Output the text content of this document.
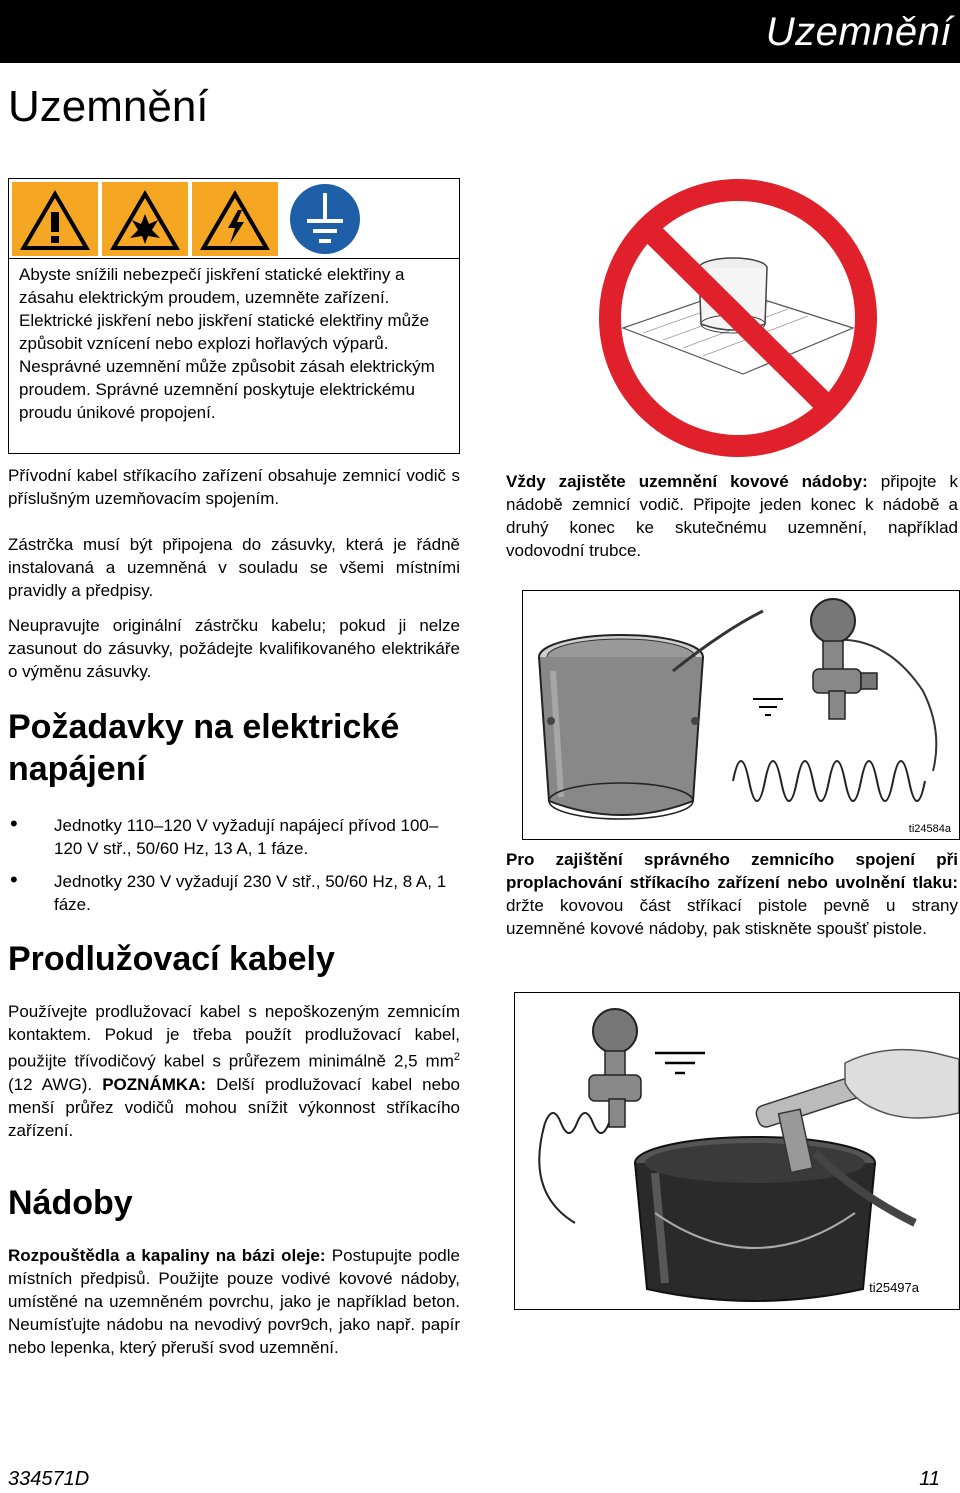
Uzemnění
Uzemnění
Abyste snížili nebezpečí jiskření statické elektřiny a zásahu elektrickým proudem, uzemněte zařízení. Elektrické jiskření nebo jiskření statické elektřiny může způsobit vznícení nebo explozi hořlavých výparů. Nesprávné uzemnění může způsobit zásah elektrickým proudem. Správné uzemnění poskytuje elektrickému proudu únikové propojení.
Přívodní kabel stříkacího zařízení obsahuje zemnicí vodič s příslušným uzemňovacím spojením.
Zástrčka musí být připojena do zásuvky, která je řádně instalovaná a uzemněná v souladu se všemi místními pravidly a předpisy.
Neupravujte originální zástrčku kabelu; pokud ji nelze zasunout do zásuvky, požádejte kvalifikovaného elektrikáře o výměnu zásuvky.
Požadavky na elektrické napájení
• Jednotky 110–120 V vyžadují napájecí přívod 100–120 V stř., 50/60 Hz, 13 A, 1 fáze.
• Jednotky 230 V vyžadují 230 V stř., 50/60 Hz, 8 A, 1 fáze.
Prodlužovací kabely
Používejte prodlužovací kabel s nepoškozeným zemnicím kontaktem. Pokud je třeba použít prodlužovací kabel, použijte třívodičový kabel s průřezem minimálně 2,5 $mm^2$ (12 AWG). POZNÁMKA: Delší prodlužovací kabel nebo menší průřez vodičů mohou snížit výkonnost stříkacího zařízení.
Nádoby
Rozpouštědla a kapaliny na bázi oleje: Postupujte podle místních předpisů. Použijte pouze vodivé kovové nádoby, umístěné na uzemněném povrchu, jako je například beton. Neumísťujte nádobu na nevodivý povr9ch, jako např. papír nebo lepenka, který přeruší svod uzemnění.
Vždy zajistěte uzemnění kovové nádoby: připojte k nádobě zemnicí vodič. Připojte jeden konec k nádobě a druhý konec ke skutečnému uzemnění, například vodovodní trubce.
ti24584a
Pro zajištění správného zemnicího spojení při proplachování stříkacího zařízení nebo uvolnění tlaku: držte kovovou část stříkací pistole pevně u strany uzemněné kovové nádoby, pak stiskněte spoušť pistole.
ti25497a
334571D	11
